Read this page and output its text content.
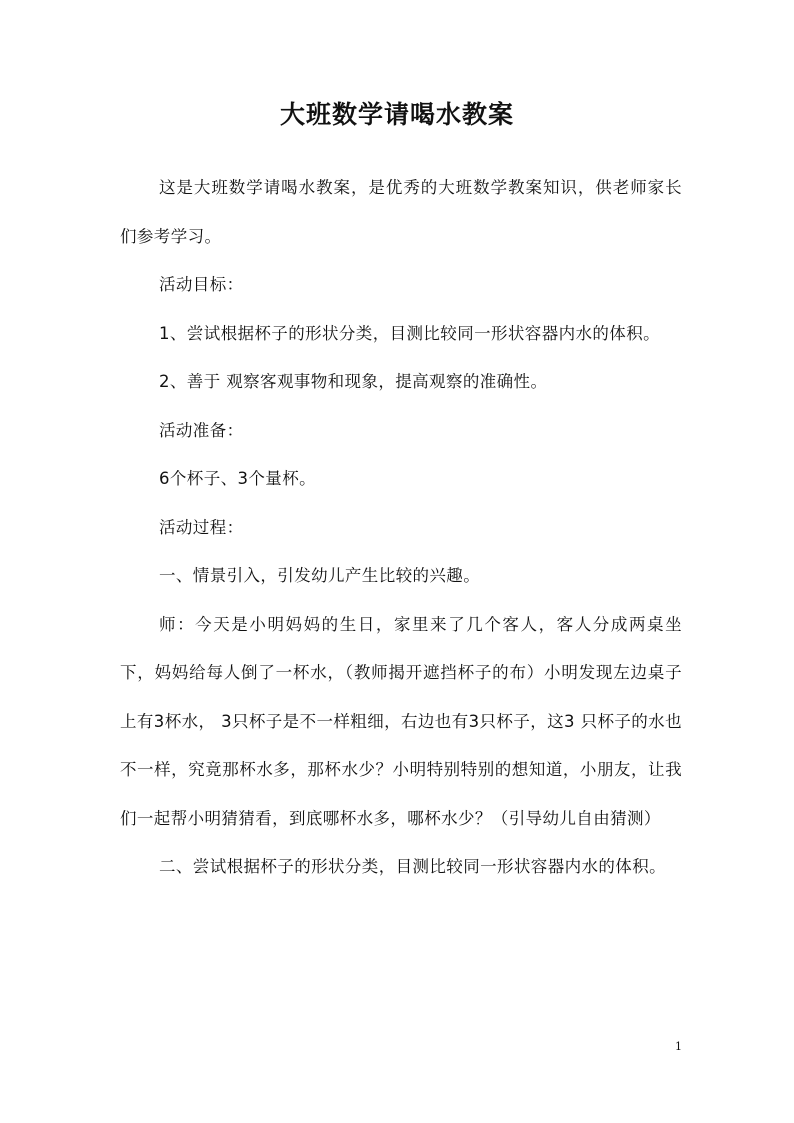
大班数学请喝水教案

这是大班数学请喝水教案，是优秀的大班数学教案知识，供老师家长们参考学习。

活动目标：

1、尝试根据杯子的形状分类，目测比较同一形状容器内水的体积。

2、善于 观察客观事物和现象，提高观察的准确性。

活动准备：

6个杯子、3个量杯。

活动过程：

一、情景引入，引发幼儿产生比较的兴趣。

师：今天是小明妈妈的生日，家里来了几个客人，客人分成两桌坐下，妈妈给每人倒了一杯水，（教师揭开遮挡杯子的布）小明发现左边桌子上有3杯水， 3只杯子是不一样粗细，右边也有3只杯子，这3 只杯子的水也不一样，究竟那杯水多，那杯水少？小明特别特别的想知道，小朋友，让我们一起帮小明猜猜看，到底哪杯水多，哪杯水少？（引导幼儿自由猜测）

二、尝试根据杯子的形状分类，目测比较同一形状容器内水的体积。

1
